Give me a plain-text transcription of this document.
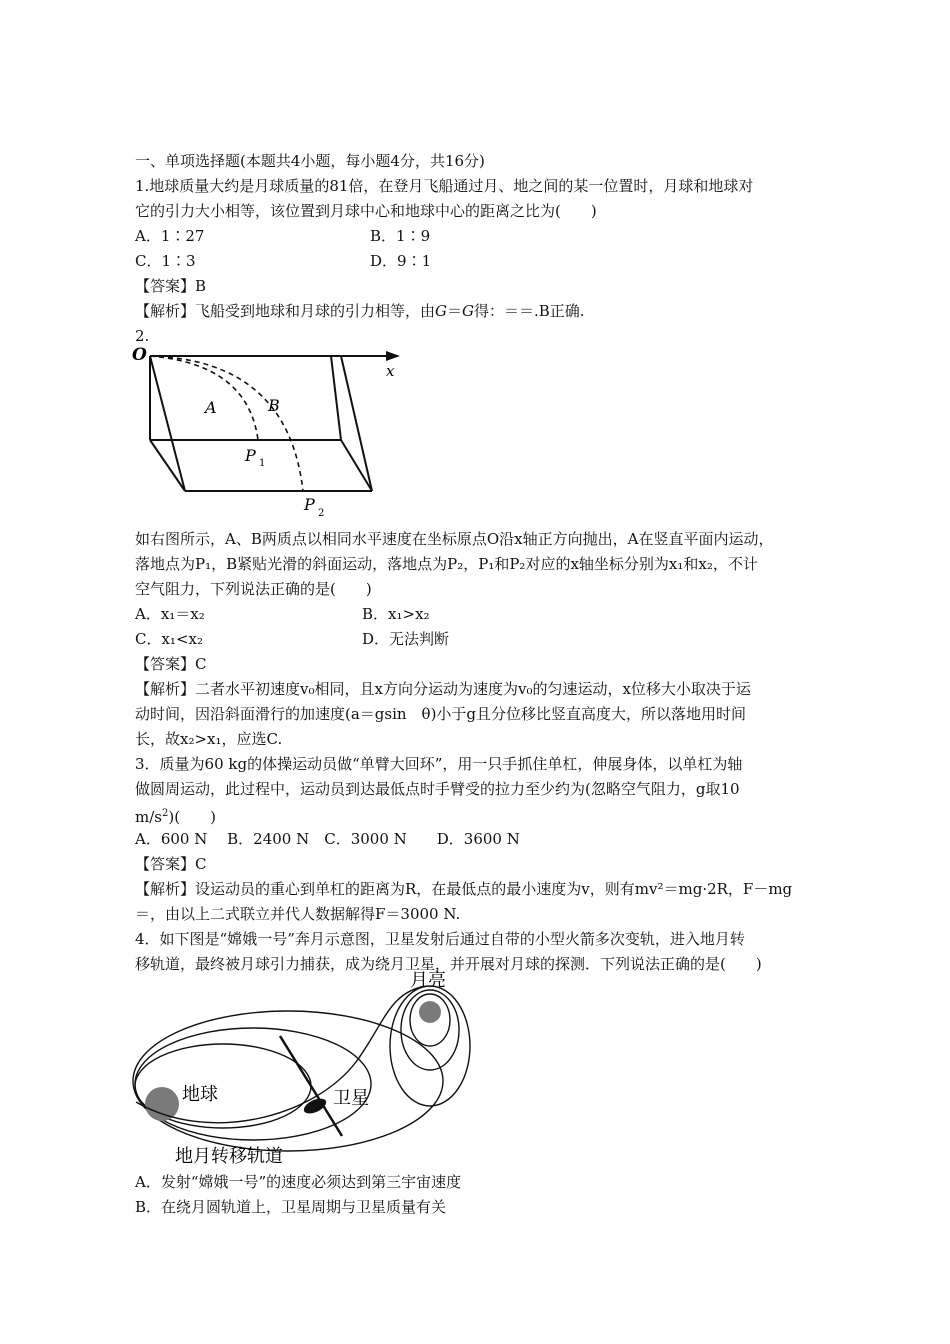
一、单项选择题(本题共4小题，每小题4分，共16分)
1.地球质量大约是月球质量的81倍，在登月飞船通过月、地之间的某一位置时，月球和地球对
它的引力大小相等，该位置到月球中心和地球中心的距离之比为(　　)
A．1∶27	B．1∶9
C．1∶3	D．9∶1
【答案】B
【解析】飞船受到地球和月球的引力相等，由G＝G得：＝＝.B正确.
2.
O
x
A	B
P 1
P 2
如右图所示，A、B两质点以相同水平速度在坐标原点O沿x轴正方向抛出，A在竖直平面内运动，
落地点为P₁，B紧贴光滑的斜面运动，落地点为P₂，P₁和P₂对应的x轴坐标分别为x₁和x₂，不计
空气阻力，下列说法正确的是(　　)
A．x₁＝x₂	B．x₁>x₂
C．x₁<x₂	D．无法判断
【答案】C
【解析】二者水平初速度v₀相同，且x方向分运动为速度为v₀的匀速运动，x位移大小取决于运
动时间，因沿斜面滑行的加速度(a＝gsin　θ)小于g且分位移比竖直高度大，所以落地用时间
长，故x₂>x₁，应选C.
3．质量为60 kg的体操运动员做“单臂大回环”，用一只手抓住单杠，伸展身体，以单杠为轴
做圆周运动，此过程中，运动员到达最低点时手臂受的拉力至少约为(忽略空气阻力，g取10
$m/s^2$)(　　)
A．600 N　 B．2400 N　C．3000 N　　D．3600 N
【答案】C
【解析】设运动员的重心到单杠的距离为R，在最低点的最小速度为v，则有mv²＝mg·2R，F－mg
＝，由以上二式联立并代人数据解得F＝3000 N.
4．如下图是“嫦娥一号”奔月示意图，卫星发射后通过自带的小型火箭多次变轨，进入地月转
移轨道，最终被月球引力捕获，成为绕月卫星，并开展对月球的探测．下列说法正确的是(　　)
月亮
地球	卫星
地月转移轨道
A．发射“嫦娥一号”的速度必须达到第三宇宙速度
B．在绕月圆轨道上，卫星周期与卫星质量有关
